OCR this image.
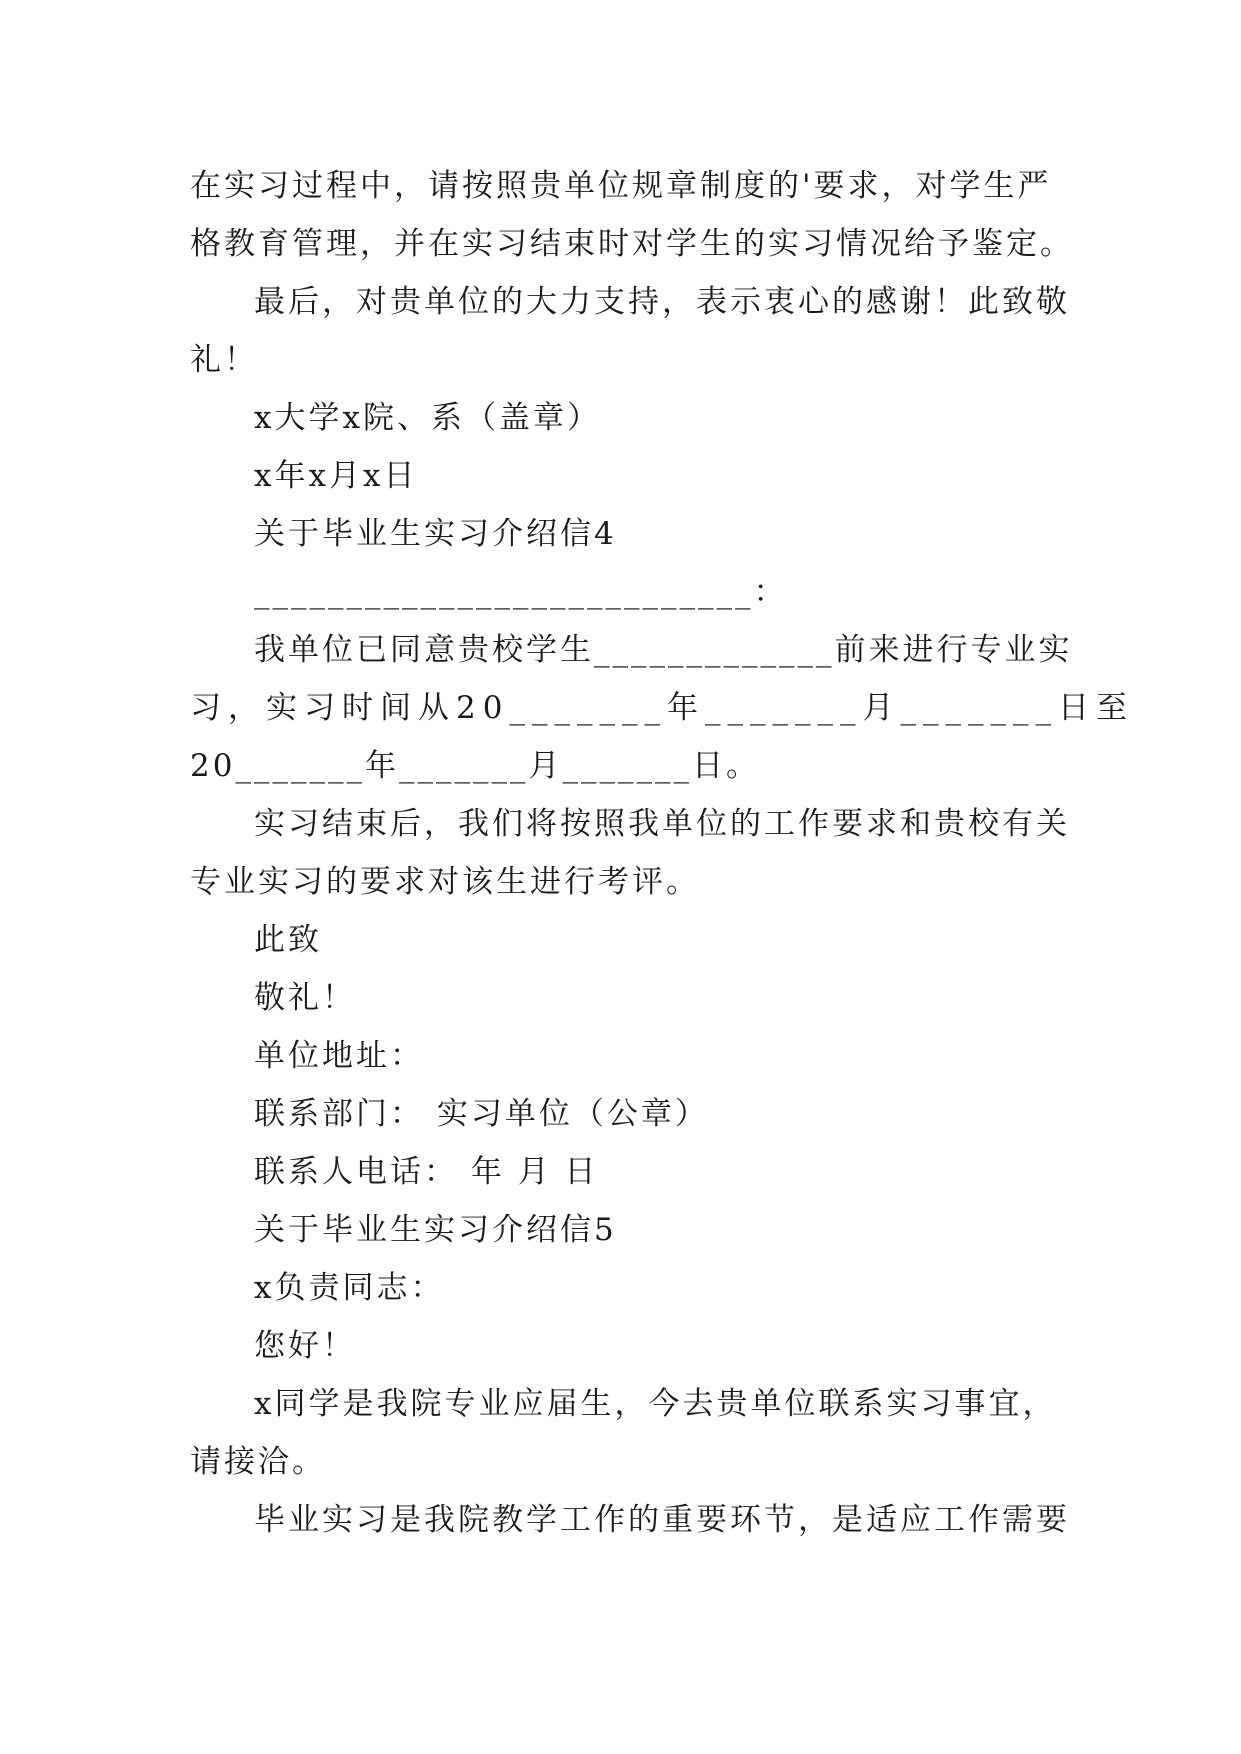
在实习过程中，请按照贵单位规章制度的'要求，对学生严
格教育管理，并在实习结束时对学生的实习情况给予鉴定。
最后，对贵单位的大力支持，表示衷心的感谢！此致敬
礼！
x大学x院、系（盖章）
x年x月x日
关于毕业生实习介绍信4
___________________________：
我单位已同意贵校学生_____________前来进行专业实
习，实习时间从20_______年_______月_______日至
20_______年_______月_______日。
实习结束后，我们将按照我单位的工作要求和贵校有关
专业实习的要求对该生进行考评。
此致
敬礼！
单位地址：
联系部门： 实习单位（公章）
联系人电话： 年 月 日
关于毕业生实习介绍信5
x负责同志：
您好！
x同学是我院专业应届生，今去贵单位联系实习事宜，
请接洽。
毕业实习是我院教学工作的重要环节，是适应工作需要
